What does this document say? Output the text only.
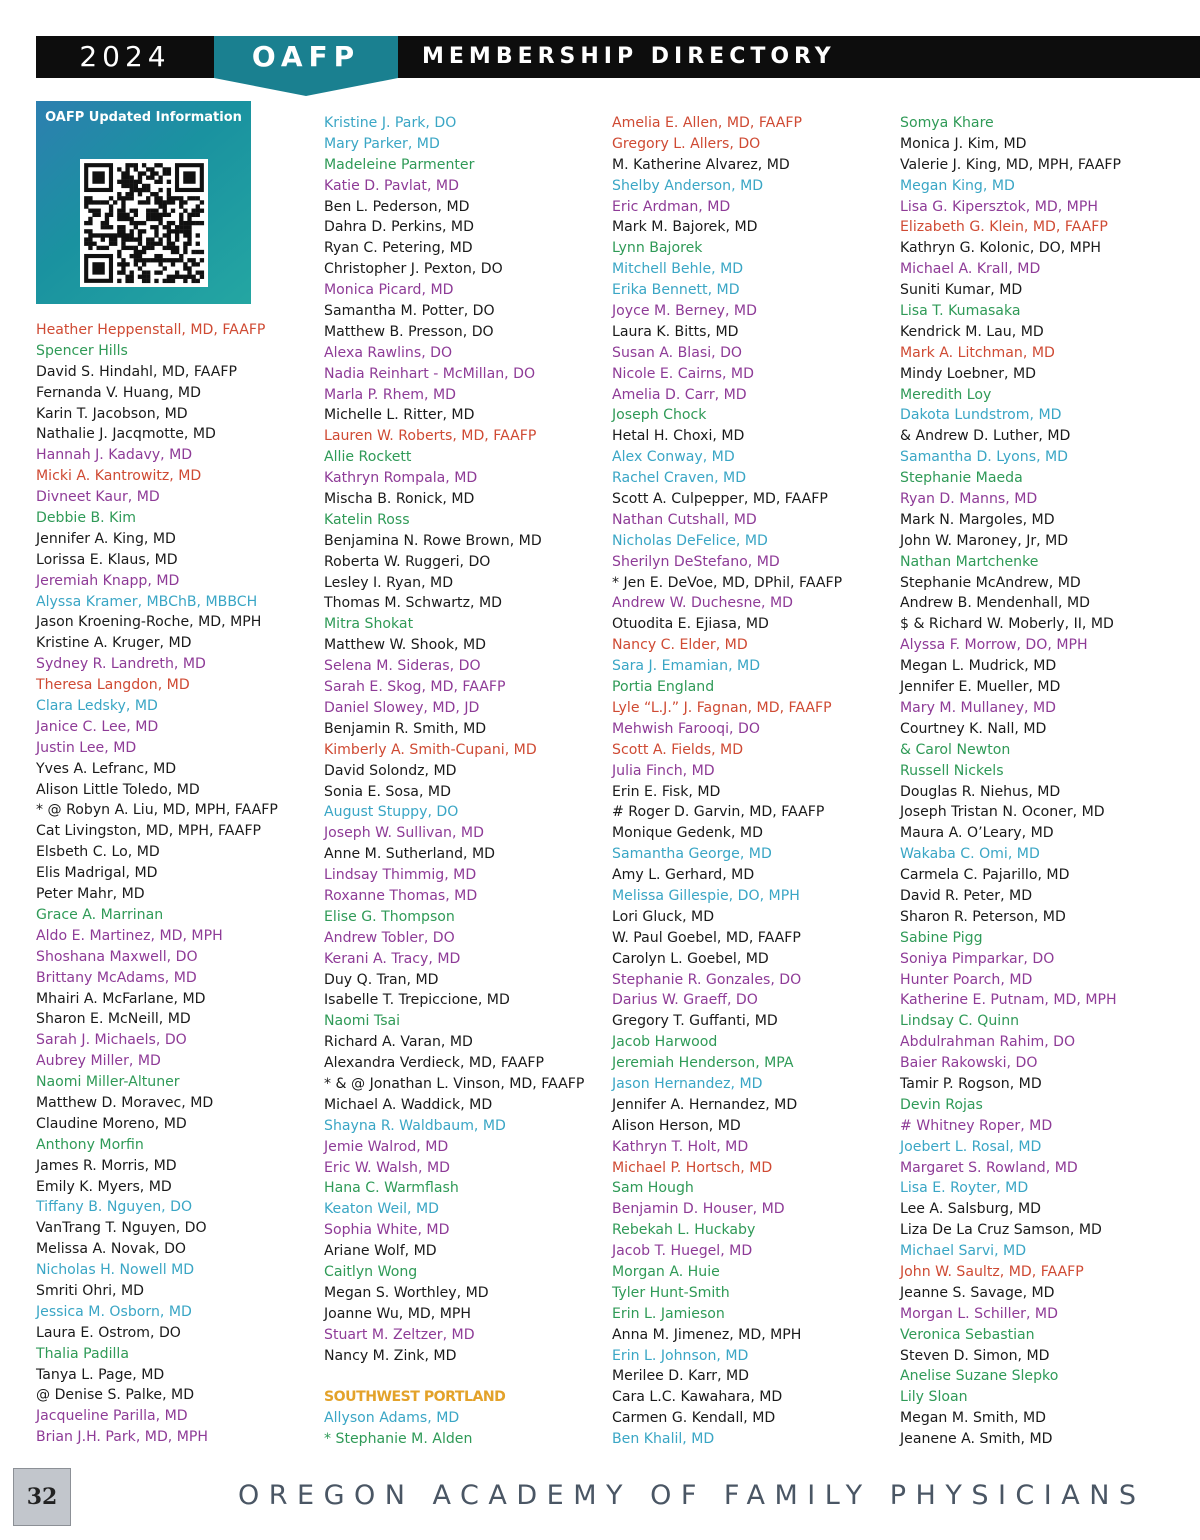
2024	OAFP	MEMBERSHIP DIRECTORY
OAFP Updated Information
Heather Heppenstall, MD, FAAFP
Spencer Hills
David S. Hindahl, MD, FAAFP
Fernanda V. Huang, MD
Karin T. Jacobson, MD
Nathalie J. Jacqmotte, MD
Hannah J. Kadavy, MD
Micki A. Kantrowitz, MD
Divneet Kaur, MD
Debbie B. Kim
Jennifer A. King, MD
Lorissa E. Klaus, MD
Jeremiah Knapp, MD
Alyssa Kramer, MBChB, MBBCH
Jason Kroening-Roche, MD, MPH
Kristine A. Kruger, MD
Sydney R. Landreth, MD
Theresa Langdon, MD
Clara Ledsky, MD
Janice C. Lee, MD
Justin Lee, MD
Yves A. Lefranc, MD
Alison Little Toledo, MD
* @ Robyn A. Liu, MD, MPH, FAAFP
Cat Livingston, MD, MPH, FAAFP
Elsbeth C. Lo, MD
Elis Madrigal, MD
Peter Mahr, MD
Grace A. Marrinan
Aldo E. Martinez, MD, MPH
Shoshana Maxwell, DO
Brittany McAdams, MD
Mhairi A. McFarlane, MD
Sharon E. McNeill, MD
Sarah J. Michaels, DO
Aubrey Miller, MD
Naomi Miller-Altuner
Matthew D. Moravec, MD
Claudine Moreno, MD
Anthony Morfin
James R. Morris, MD
Emily K. Myers, MD
Tiffany B. Nguyen, DO
VanTrang T. Nguyen, DO
Melissa A. Novak, DO
Nicholas H. Nowell MD
Smriti Ohri, MD
Jessica M. Osborn, MD
Laura E. Ostrom, DO
Thalia Padilla
Tanya L. Page, MD
@ Denise S. Palke, MD
Jacqueline Parilla, MD
Brian J.H. Park, MD, MPH
Kristine J. Park, DO
Mary Parker, MD
Madeleine Parmenter
Katie D. Pavlat, MD
Ben L. Pederson, MD
Dahra D. Perkins, MD
Ryan C. Petering, MD
Christopher J. Pexton, DO
Monica Picard, MD
Samantha M. Potter, DO
Matthew B. Presson, DO
Alexa Rawlins, DO
Nadia Reinhart - McMillan, DO
Marla P. Rhem, MD
Michelle L. Ritter, MD
Lauren W. Roberts, MD, FAAFP
Allie Rockett
Kathryn Rompala, MD
Mischa B. Ronick, MD
Katelin Ross
Benjamina N. Rowe Brown, MD
Roberta W. Ruggeri, DO
Lesley I. Ryan, MD
Thomas M. Schwartz, MD
Mitra Shokat
Matthew W. Shook, MD
Selena M. Sideras, DO
Sarah E. Skog, MD, FAAFP
Daniel Slowey, MD, JD
Benjamin R. Smith, MD
Kimberly A. Smith-Cupani, MD
David Solondz, MD
Sonia E. Sosa, MD
August Stuppy, DO
Joseph W. Sullivan, MD
Anne M. Sutherland, MD
Lindsay Thimmig, MD
Roxanne Thomas, MD
Elise G. Thompson
Andrew Tobler, DO
Kerani A. Tracy, MD
Duy Q. Tran, MD
Isabelle T. Trepiccione, MD
Naomi Tsai
Richard A. Varan, MD
Alexandra Verdieck, MD, FAAFP
* & @ Jonathan L. Vinson, MD, FAAFP
Michael A. Waddick, MD
Shayna R. Waldbaum, MD
Jemie Walrod, MD
Eric W. Walsh, MD
Hana C. Warmflash
Keaton Weil, MD
Sophia White, MD
Ariane Wolf, MD
Caitlyn Wong
Megan S. Worthley, MD
Joanne Wu, MD, MPH
Stuart M. Zeltzer, MD
Nancy M. Zink, MD
SOUTHWEST PORTLAND
Allyson Adams, MD
* Stephanie M. Alden
Amelia E. Allen, MD, FAAFP
Gregory L. Allers, DO
M. Katherine Alvarez, MD
Shelby Anderson, MD
Eric Ardman, MD
Mark M. Bajorek, MD
Lynn Bajorek
Mitchell Behle, MD
Erika Bennett, MD
Joyce M. Berney, MD
Laura K. Bitts, MD
Susan A. Blasi, DO
Nicole E. Cairns, MD
Amelia D. Carr, MD
Joseph Chock
Hetal H. Choxi, MD
Alex Conway, MD
Rachel Craven, MD
Scott A. Culpepper, MD, FAAFP
Nathan Cutshall, MD
Nicholas DeFelice, MD
Sherilyn DeStefano, MD
* Jen E. DeVoe, MD, DPhil, FAAFP
Andrew W. Duchesne, MD
Otuodita E. Ejiasa, MD
Nancy C. Elder, MD
Sara J. Emamian, MD
Portia England
Lyle “L.J.” J. Fagnan, MD, FAAFP
Mehwish Farooqi, DO
Scott A. Fields, MD
Julia Finch, MD
Erin E. Fisk, MD
# Roger D. Garvin, MD, FAAFP
Monique Gedenk, MD
Samantha George, MD
Amy L. Gerhard, MD
Melissa Gillespie, DO, MPH
Lori Gluck, MD
W. Paul Goebel, MD, FAAFP
Carolyn L. Goebel, MD
Stephanie R. Gonzales, DO
Darius W. Graeff, DO
Gregory T. Guffanti, MD
Jacob Harwood
Jeremiah Henderson, MPA
Jason Hernandez, MD
Jennifer A. Hernandez, MD
Alison Herson, MD
Kathryn T. Holt, MD
Michael P. Hortsch, MD
Sam Hough
Benjamin D. Houser, MD
Rebekah L. Huckaby
Jacob T. Huegel, MD
Morgan A. Huie
Tyler Hunt-Smith
Erin L. Jamieson
Anna M. Jimenez, MD, MPH
Erin L. Johnson, MD
Merilee D. Karr, MD
Cara L.C. Kawahara, MD
Carmen G. Kendall, MD
Ben Khalil, MD
Somya Khare
Monica J. Kim, MD
Valerie J. King, MD, MPH, FAAFP
Megan King, MD
Lisa G. Kipersztok, MD, MPH
Elizabeth G. Klein, MD, FAAFP
Kathryn G. Kolonic, DO, MPH
Michael A. Krall, MD
Suniti Kumar, MD
Lisa T. Kumasaka
Kendrick M. Lau, MD
Mark A. Litchman, MD
Mindy Loebner, MD
Meredith Loy
Dakota Lundstrom, MD
& Andrew D. Luther, MD
Samantha D. Lyons, MD
Stephanie Maeda
Ryan D. Manns, MD
Mark N. Margoles, MD
John W. Maroney, Jr, MD
Nathan Martchenke
Stephanie McAndrew, MD
Andrew B. Mendenhall, MD
$ & Richard W. Moberly, II, MD
Alyssa F. Morrow, DO, MPH
Megan L. Mudrick, MD
Jennifer E. Mueller, MD
Mary M. Mullaney, MD
Courtney K. Nall, MD
& Carol Newton
Russell Nickels
Douglas R. Niehus, MD
Joseph Tristan N. Oconer, MD
Maura A. O’Leary, MD
Wakaba C. Omi, MD
Carmela C. Pajarillo, MD
David R. Peter, MD
Sharon R. Peterson, MD
Sabine Pigg
Soniya Pimparkar, DO
Hunter Poarch, MD
Katherine E. Putnam, MD, MPH
Lindsay C. Quinn
Abdulrahman Rahim, DO
Baier Rakowski, DO
Tamir P. Rogson, MD
Devin Rojas
# Whitney Roper, MD
Joebert L. Rosal, MD
Margaret S. Rowland, MD
Lisa E. Royter, MD
Lee A. Salsburg, MD
Liza De La Cruz Samson, MD
Michael Sarvi, MD
John W. Saultz, MD, FAAFP
Jeanne S. Savage, MD
Morgan L. Schiller, MD
Veronica Sebastian
Steven D. Simon, MD
Anelise Suzane Slepko
Lily Sloan
Megan M. Smith, MD
Jeanene A. Smith, MD
32	OREGON ACADEMY OF FAMILY PHYSICIANS
